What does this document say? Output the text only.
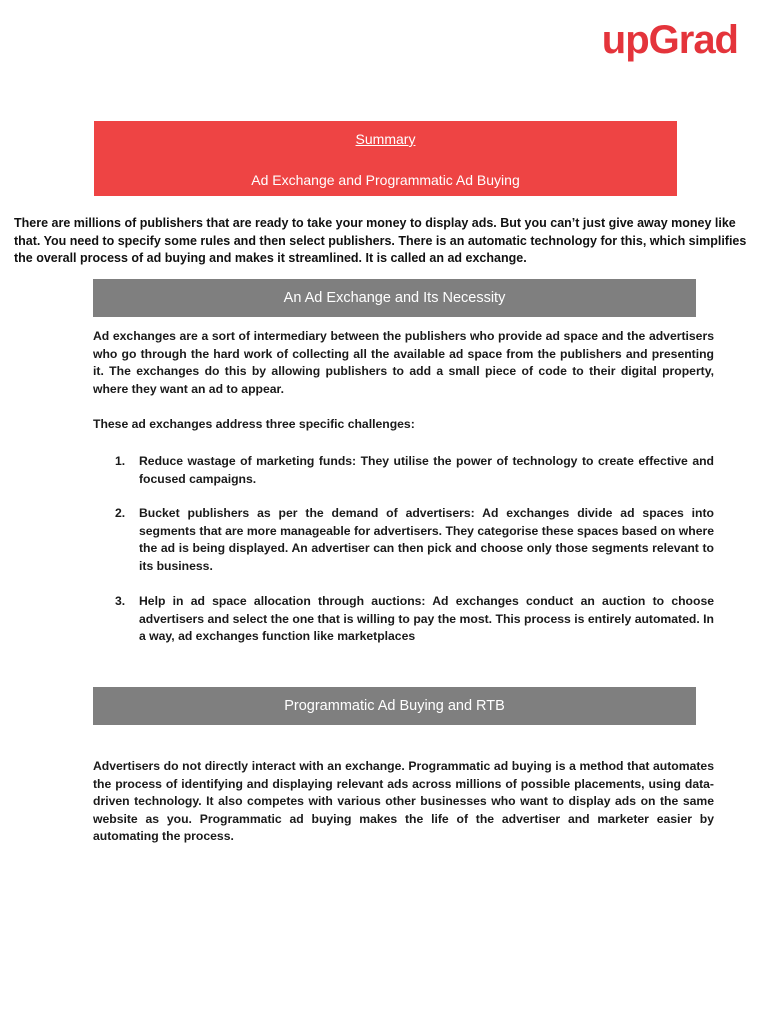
upGrad
Summary
Ad Exchange and Programmatic Ad Buying

There are millions of publishers that are ready to take your money to display ads. But you can’t just give away money like that. You need to specify some rules and then select publishers. There is an automatic technology for this, which simplifies the overall process of ad buying and makes it streamlined. It is called an ad exchange.

An Ad Exchange and Its Necessity

Ad exchanges are a sort of intermediary between the publishers who provide ad space and the advertisers who go through the hard work of collecting all the available ad space from the publishers and presenting it. The exchanges do this by allowing publishers to add a small piece of code to their digital property, where they want an ad to appear.

These ad exchanges address three specific challenges:

1. Reduce wastage of marketing funds: They utilise the power of technology to create effective and focused campaigns.
2. Bucket publishers as per the demand of advertisers: Ad exchanges divide ad spaces into segments that are more manageable for advertisers. They categorise these spaces based on where the ad is being displayed. An advertiser can then pick and choose only those segments relevant to its business.
3. Help in ad space allocation through auctions: Ad exchanges conduct an auction to choose advertisers and select the one that is willing to pay the most. This process is entirely automated. In a way, ad exchanges function like marketplaces
Programmatic Ad Buying and RTB

Advertisers do not directly interact with an exchange. Programmatic ad buying is a method that automates the process of identifying and displaying relevant ads across millions of possible placements, using data-driven technology. It also competes with various other businesses who want to display ads on the same website as you. Programmatic ad buying makes the life of the advertiser and marketer easier by automating the process.
